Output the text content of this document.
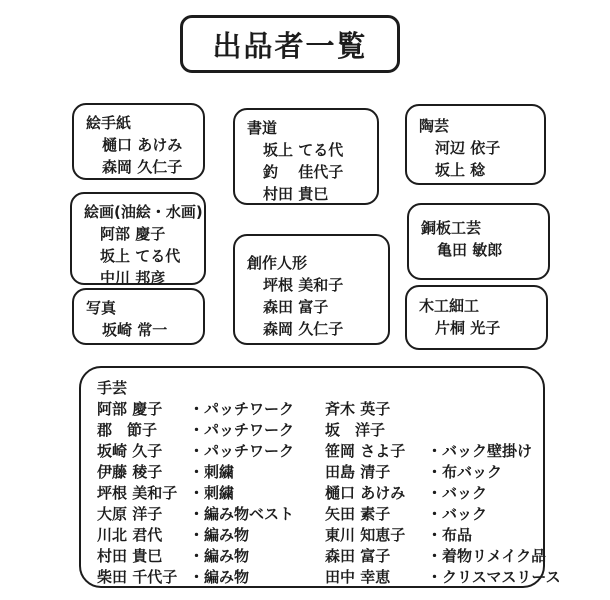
出品者一覧
絵手紙
樋口 あけみ
森岡 久仁子
絵画(油絵・水画)
阿部 慶子
坂上 てる代
中川 邦彦
写真
坂崎 常一
書道
坂上 てる代
釣　 佳代子
村田 貴巳
創作人形
坪根 美和子
森田 富子
森岡 久仁子
陶芸
河辺 依子
坂上 稔
銅板工芸
亀田 敏郎
木工細工
片桐 光子
手芸
阿部 慶子 ・パッチワーク
郡　節子 ・パッチワーク
坂崎 久子 ・パッチワーク
伊藤 稜子 ・刺繍
坪根 美和子 ・刺繍
大原 洋子 ・編み物ベスト
川北 君代 ・編み物
村田 貴巳 ・編み物
柴田 千代子 ・編み物
斉木 英子
坂　洋子
笹岡 さよ子 ・バック壁掛け
田島 清子 ・布バック
樋口 あけみ ・バック
矢田 素子 ・バック
東川 知恵子 ・布品
森田 富子 ・着物リメイク品
田中 幸恵 ・クリスマスリース
